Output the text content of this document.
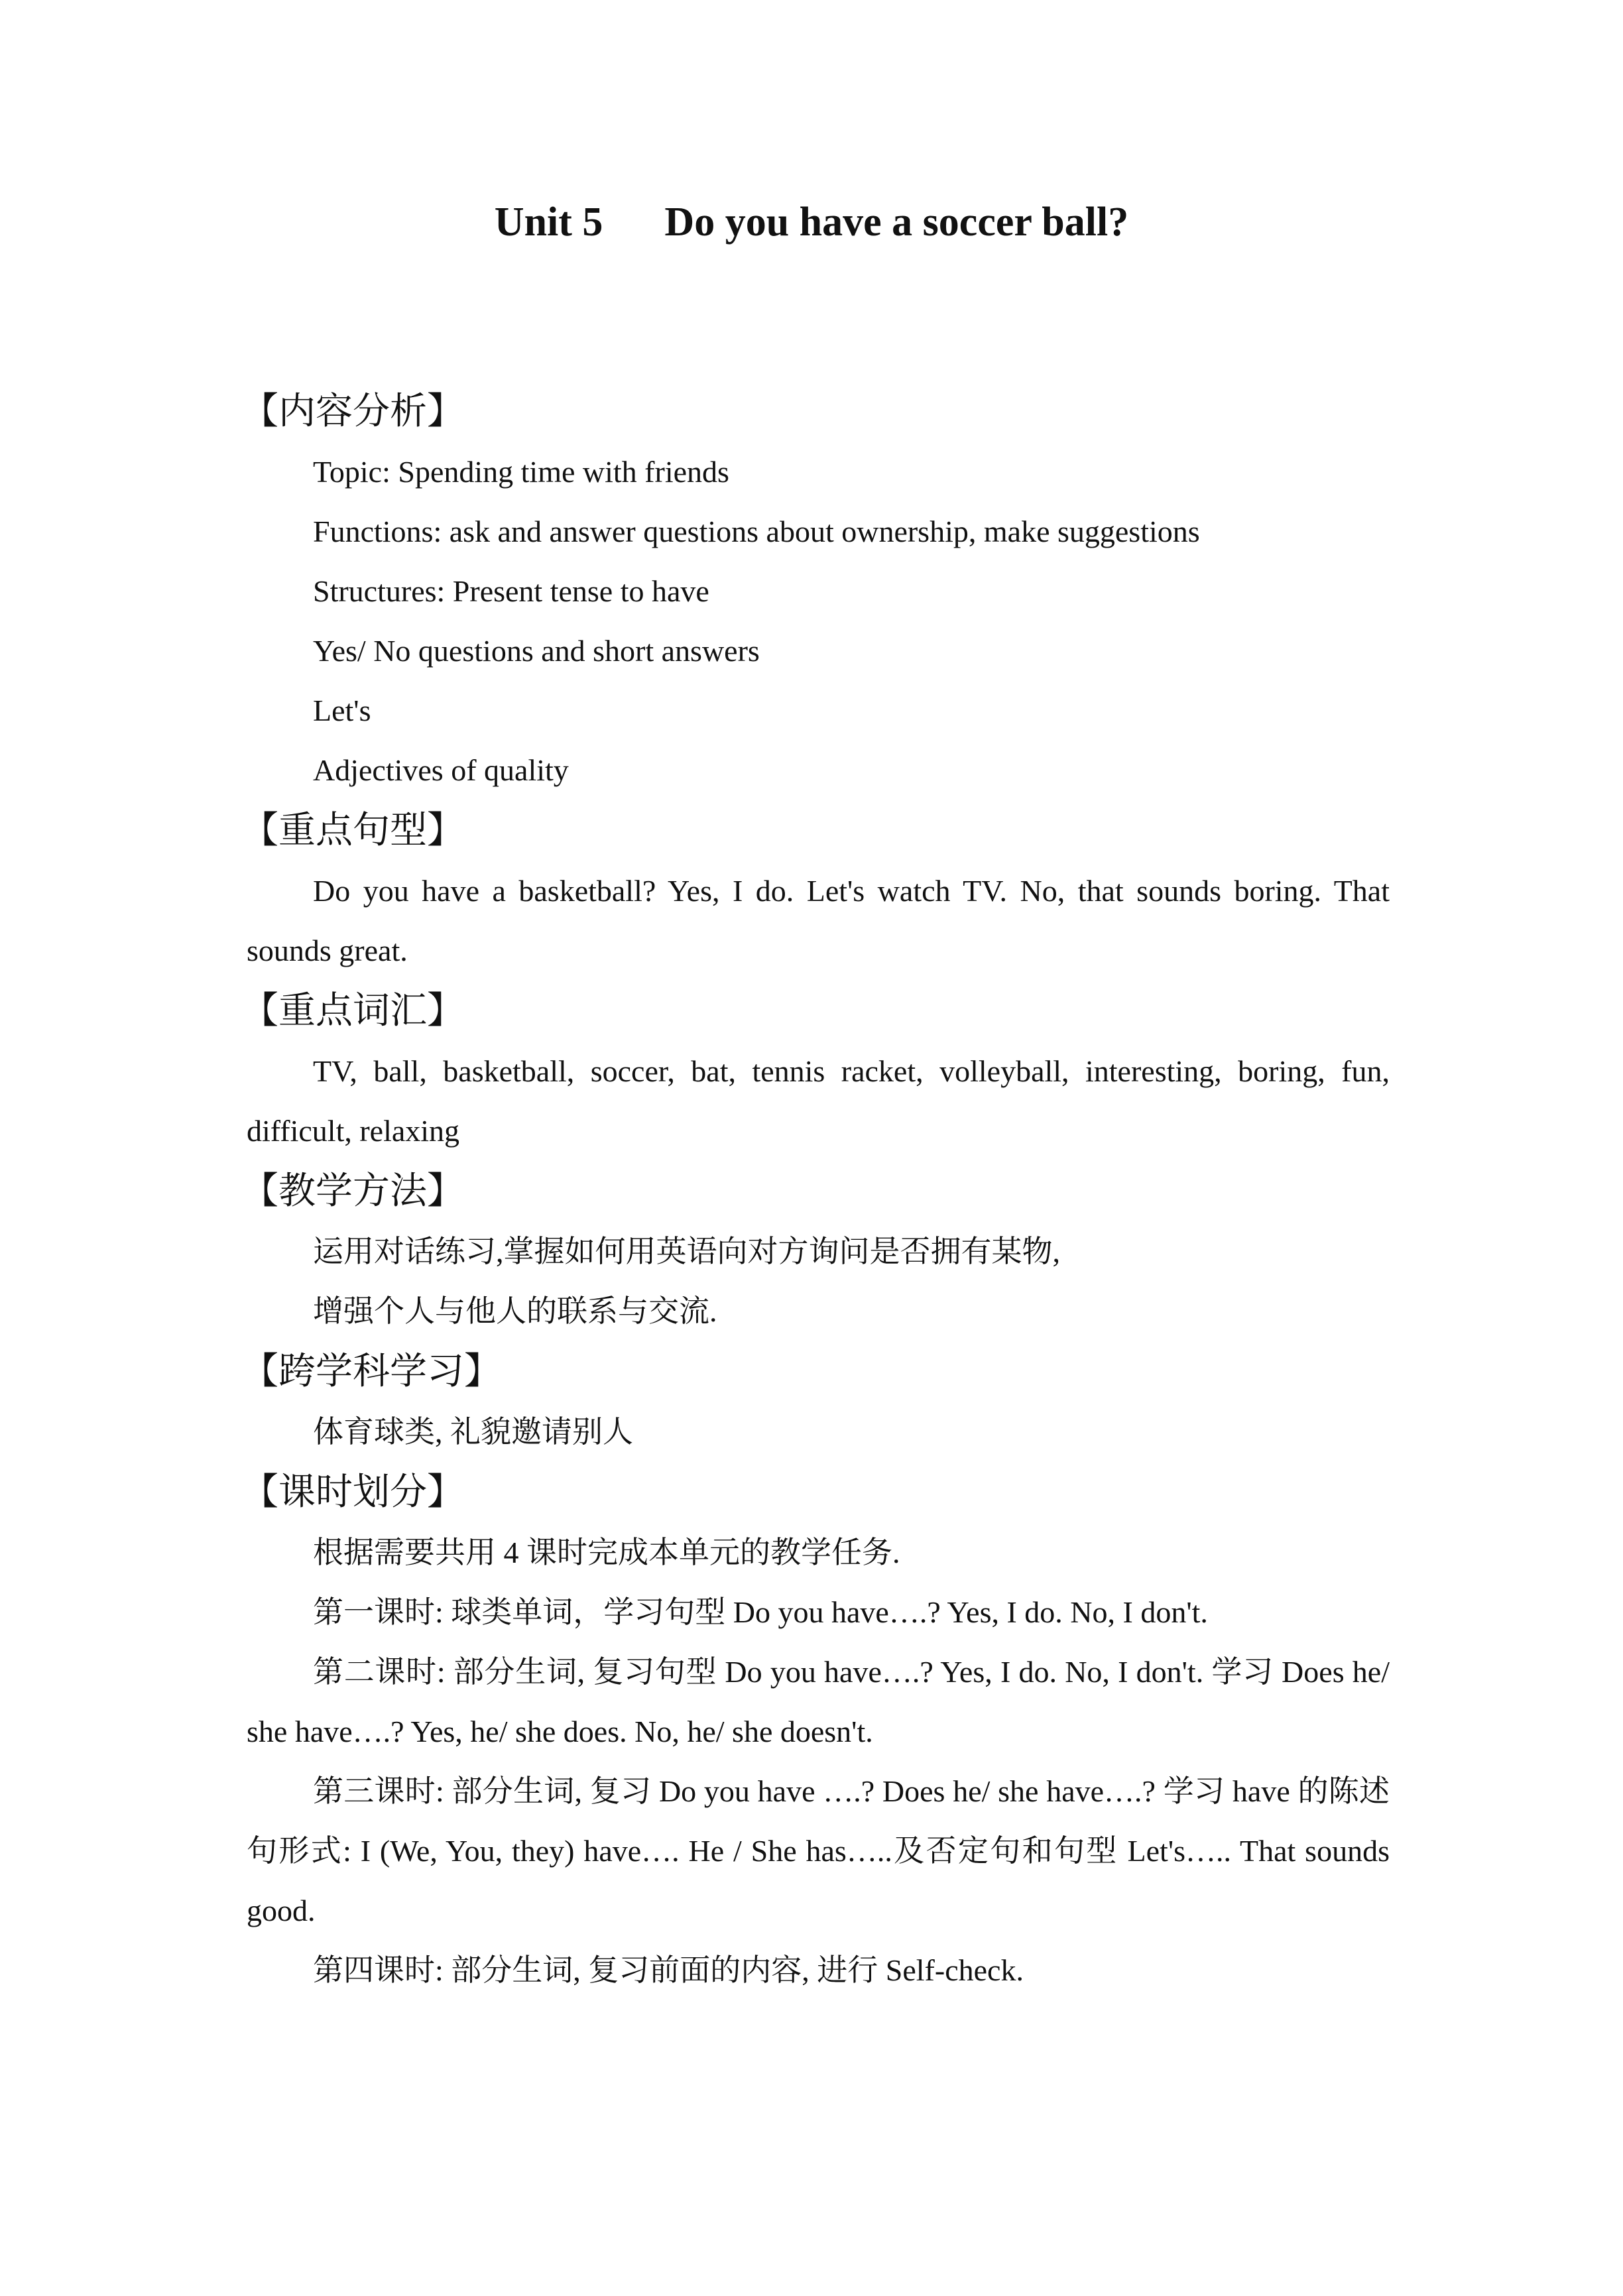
Unit 5      Do you have a soccer ball?
【内容分析】
Topic: Spending time with friends
Functions: ask and answer questions about ownership, make suggestions
Structures: Present tense to have
Yes/ No questions and short answers
Let's
Adjectives of quality
【重点句型】
Do you have a basketball? Yes, I do. Let's watch TV. No, that sounds boring. That sounds great.
【重点词汇】
TV, ball, basketball, soccer, bat, tennis racket, volleyball, interesting, boring, fun, difficult, relaxing
【教学方法】
运用对话练习,掌握如何用英语向对方询问是否拥有某物,
增强个人与他人的联系与交流.
【跨学科学习】
体育球类, 礼貌邀请别人
【课时划分】
根据需要共用 4 课时完成本单元的教学任务.
第一课时: 球类单词，学习句型 Do you have….? Yes, I do. No, I don't.
第二课时: 部分生词, 复习句型 Do you have….? Yes, I do. No, I don't. 学习 Does he/ she have….? Yes, he/ she does. No, he/ she doesn't.
第三课时: 部分生词, 复习 Do you have ….? Does he/ she have….? 学习 have 的陈述句形式: I (We, You, they) have…. He / She has…..及否定句和句型 Let's….. That sounds good.
第四课时: 部分生词, 复习前面的内容, 进行 Self-check.
